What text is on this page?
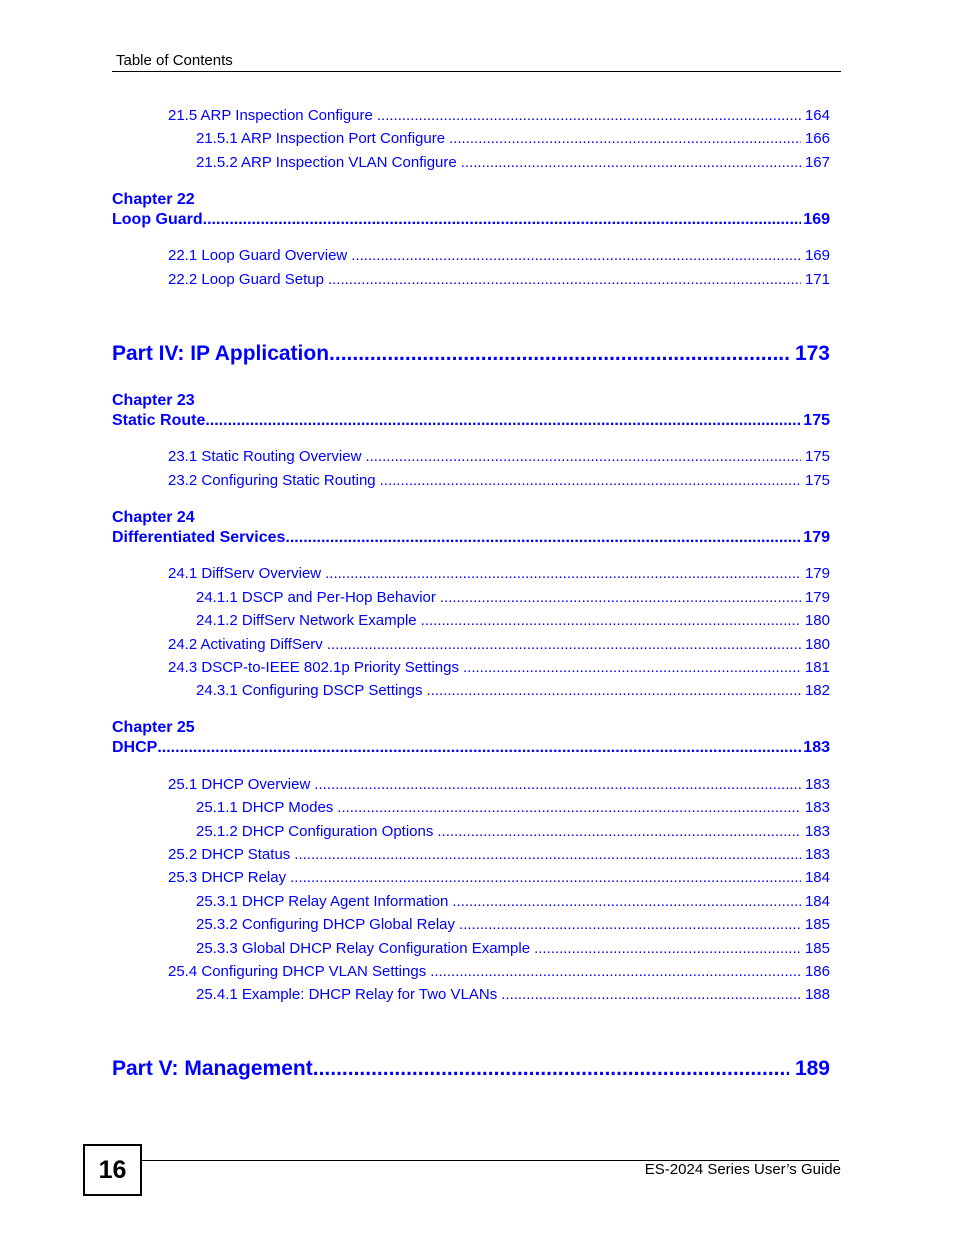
Table of Contents
21.5 ARP Inspection Configure .....	164
21.5.1 ARP Inspection Port Configure .....	166
21.5.2 ARP Inspection VLAN Configure .....	167
Chapter 22
Loop Guard .....	169
22.1 Loop Guard Overview .....	169
22.2 Loop Guard Setup .....	171
Part IV: IP Application .....	173
Chapter 23
Static Route .....	175
23.1 Static Routing Overview .....	175
23.2 Configuring Static Routing .....	175
Chapter 24
Differentiated Services .....	179
24.1 DiffServ Overview .....	179
24.1.1 DSCP and Per-Hop Behavior .....	179
24.1.2 DiffServ Network Example .....	180
24.2 Activating DiffServ .....	180
24.3 DSCP-to-IEEE 802.1p Priority Settings .....	181
24.3.1 Configuring DSCP Settings .....	182
Chapter 25
DHCP .....	183
25.1 DHCP Overview .....	183
25.1.1 DHCP Modes .....	183
25.1.2 DHCP Configuration Options .....	183
25.2 DHCP Status .....	183
25.3 DHCP Relay .....	184
25.3.1 DHCP Relay Agent Information .....	184
25.3.2 Configuring DHCP Global Relay .....	185
25.3.3 Global DHCP Relay Configuration Example .....	185
25.4 Configuring DHCP VLAN Settings .....	186
25.4.1 Example: DHCP Relay for Two VLANs .....	188
Part V: Management .....	189
16	ES-2024 Series User’s Guide
